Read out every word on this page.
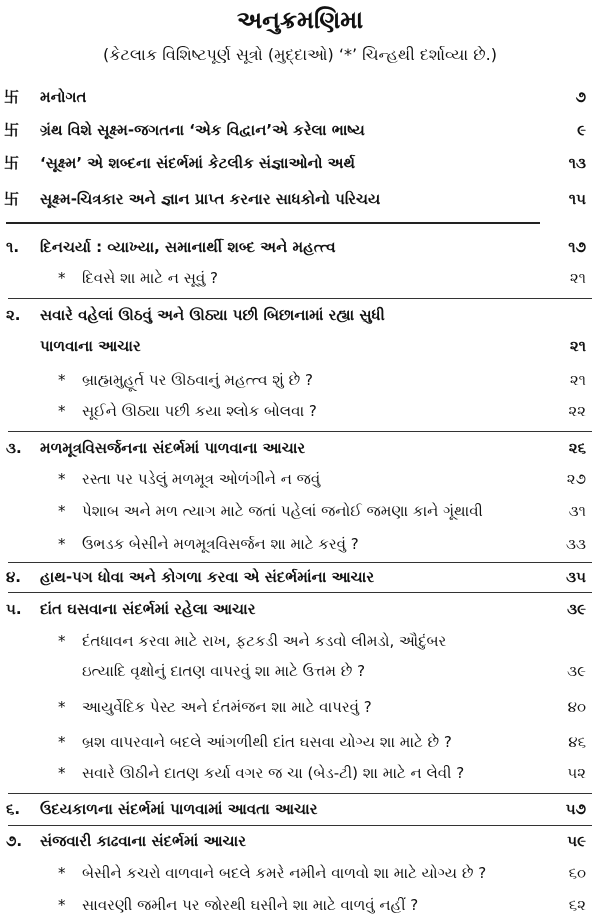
અનુક્રમણિમા
(કેટલાક વિશિષ્ટપૂર્ણ સૂત્રો (મુદ્દાઓ) ‘*’ ચિન્હથી દર્શાવ્યા છે.)
卐 મનોગત	૭
卐 ગ્રંથ વિશે સૂક્ષ્મ-જગતના ‘એક વિદ્વાન’એ કરેલા ભાષ્ય	૯
卐 ‘સૂક્ષ્મ’ એ શબ્દના સંદર્ભમાં કેટલીક સંજ્ઞાઓનો અર્થ	૧૩
卐 સૂક્ષ્મ-ચિત્રકાર અને જ્ઞાન પ્રાપ્ત કરનાર સાધકોનો પરિચય	૧૫
૧. દિનચર્યા : વ્યાખ્યા, સમાનાર્થી શબ્દ અને મહત્ત્વ	૧૭
* દિવસે શા માટે ન સૂવું ?	૨૧
૨. સવારે વહેલાં ઊઠવું અને ઊઠ્યા પછી બિછાનામાં રહ્યા સુધી
પાળવાના આચાર	૨૧
* બ્રાહ્મમુહૂર્ત પર ઊઠવાનું મહત્ત્વ શું છે ?	૨૧
* સૂઈને ઊઠ્યા પછી કયા શ્લોક બોલવા ?	૨૨
૩. મળમૂત્રવિસર્જનના સંદર્ભમાં પાળવાના આચાર	૨૬
* રસ્તા પર પડેલું મળમૂત્ર ઓળંગીને ન જવું	૨૭
* પેશાબ અને મળ ત્યાગ માટે જતાં પહેલાં જનોઈ જમણા કાને ગૂંથાવી	૩૧
* ઉભડક બેસીને મળમૂત્રવિસર્જન શા માટે કરવું ?	૩૩
૪. હાથ-પગ ધોવા અને કોગળા કરવા એ સંદર્ભમાંના આચાર	૩૫
૫. દાંત ઘસવાના સંદર્ભમાં રહેલા આચાર	૩૯
* દંતધાવન કરવા માટે રાખ, ફટકડી અને કડવો લીમડો, ઔદુંબર
ઇત્યાદિ વૃક્ષોનું દાતણ વાપરવું શા માટે ઉત્તમ છે ?	૩૯
* આયુર્વેદિક પેસ્ટ અને દંતમંજન શા માટે વાપરવું ?	૪૦
* બ્રશ વાપરવાને બદલે આંગળીથી દાંત ઘસવા યોગ્ય શા માટે છે ?	૪૬
* સવારે ઊઠીને દાતણ કર્યા વગર જ ચા (બેડ-ટી) શા માટે ન લેવી ?	૫૨
૬. ઉદયકાળના સંદર્ભમાં પાળવામાં આવતા આચાર	૫૭
૭. સંજવારી કાઢવાના સંદર્ભમાં આચાર	૫૯
* બેસીને કચરો વાળવાને બદલે કમરે નમીને વાળવો શા માટે યોગ્ય છે ?	૬૦
* સાવરણી જમીન પર જોરથી ઘસીને શા માટે વાળવું નહીં ?	૬૨
